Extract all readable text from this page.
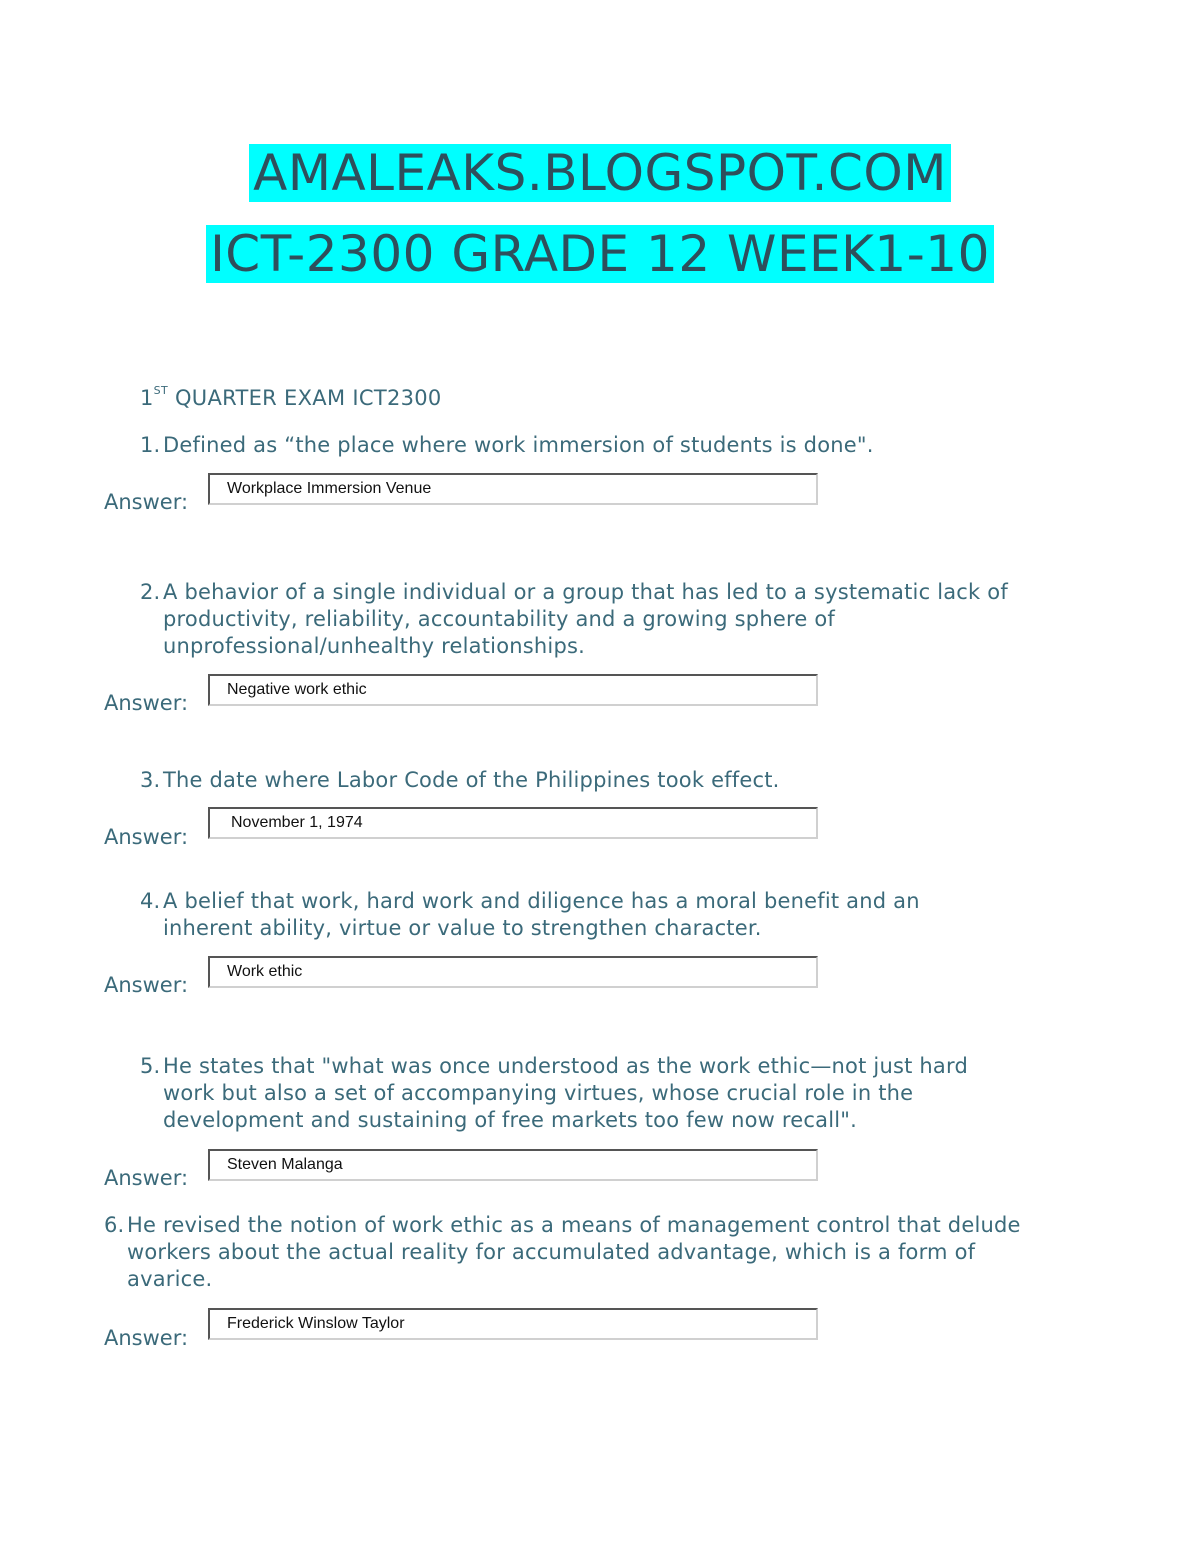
AMALEAKS.BLOGSPOT.COM
ICT-2300 GRADE 12 WEEK1-10
1ST QUARTER EXAM ICT2300
1. Defined as “the place where work immersion of students is done".
Answer:
Workplace Immersion Venue
2. A behavior of a single individual or a group that has led to a systematic lack of productivity, reliability, accountability and a growing sphere of unprofessional/unhealthy relationships.
Answer:
Negative work ethic
3. The date where Labor Code of the Philippines took effect.
Answer:
November 1, 1974
4. A belief that work, hard work and diligence has a moral benefit and an inherent ability, virtue or value to strengthen character.
Answer:
Work ethic
5. He states that "what was once understood as the work ethic—not just hard work but also a set of accompanying virtues, whose crucial role in the development and sustaining of free markets too few now recall".
Answer:
Steven Malanga
6. He revised the notion of work ethic as a means of management control that delude workers about the actual reality for accumulated advantage, which is a form of avarice.
Answer:
Frederick Winslow Taylor
